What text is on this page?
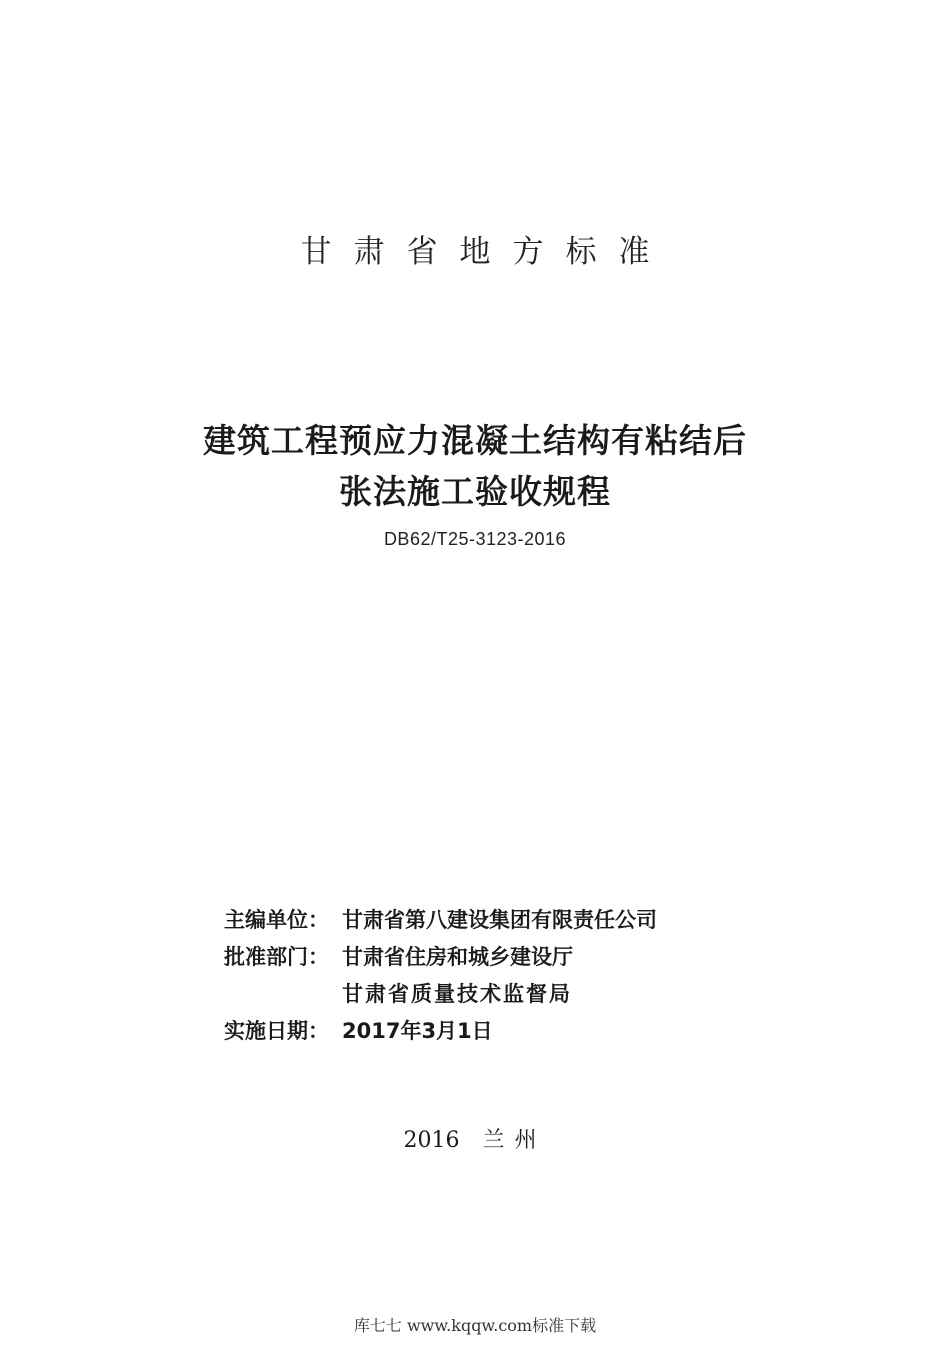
甘肃省地方标准
建筑工程预应力混凝土结构有粘结后
张法施工验收规程
DB62/T25-3123-2016
主编单位： 甘肃省第八建设集团有限责任公司
批准部门： 甘肃省住房和城乡建设厅
甘肃省质量技术监督局
实施日期： 2017年3月1日
2016 兰州
库七七 www.kqqw.com标准下载
